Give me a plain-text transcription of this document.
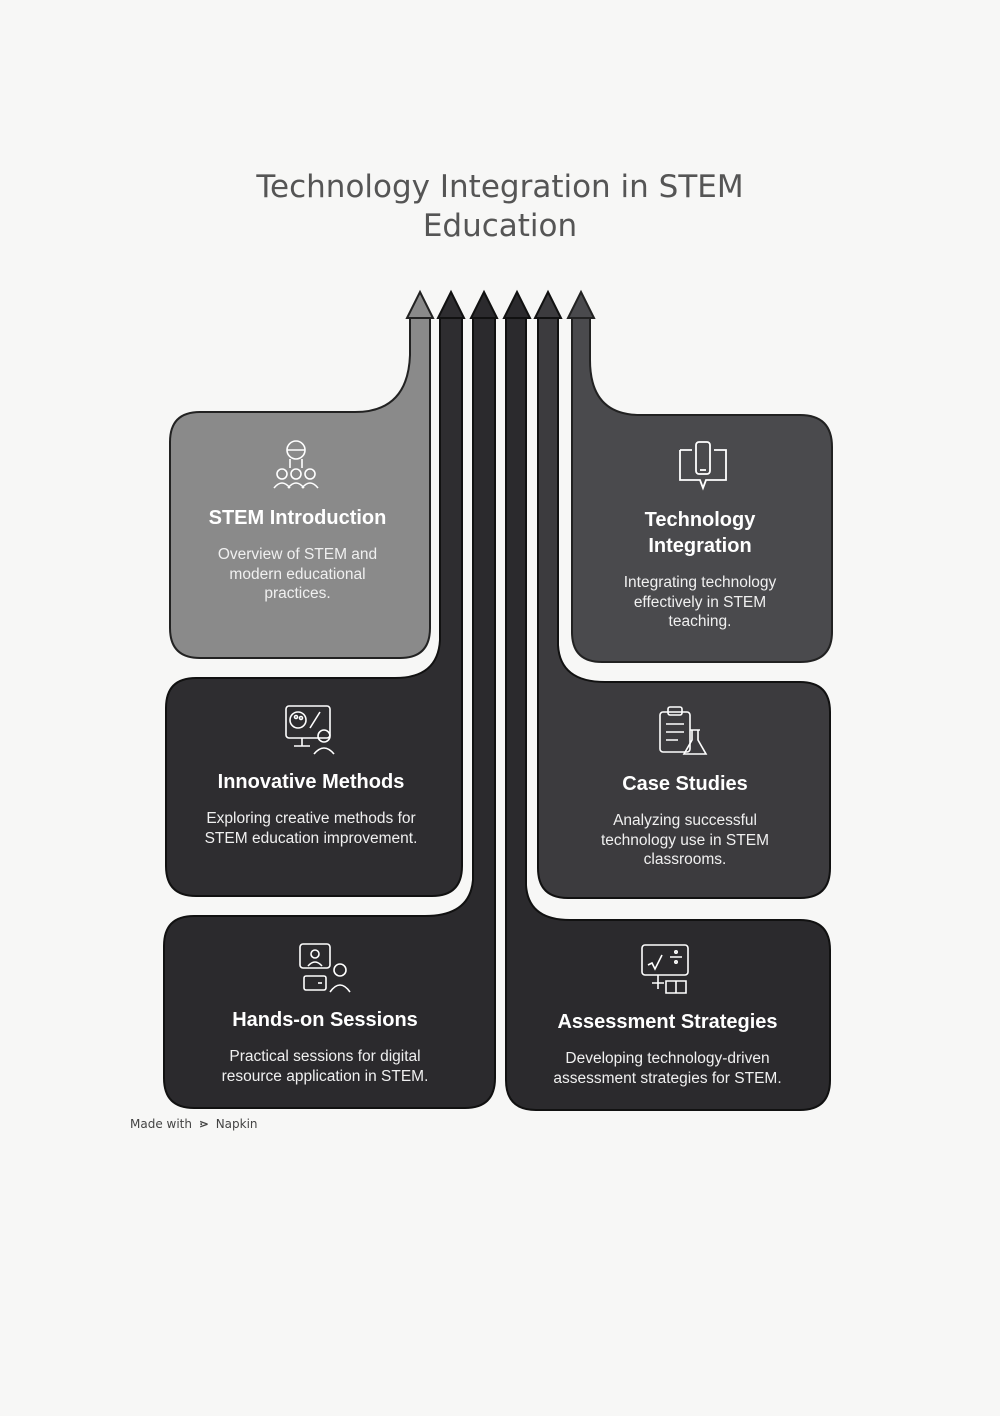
Technology Integration in STEM
Education

STEM Introduction

Overview of STEM and modern educational practices.

Technology Integration

Integrating technology effectively in STEM teaching.

Innovative Methods

Exploring creative methods for STEM education improvement.

Case Studies

Analyzing successful technology use in STEM classrooms.

Hands-on Sessions

Practical sessions for digital resource application in STEM.

Assessment Strategies

Developing technology-driven assessment strategies for STEM.

Made with ⋗ Napkin
